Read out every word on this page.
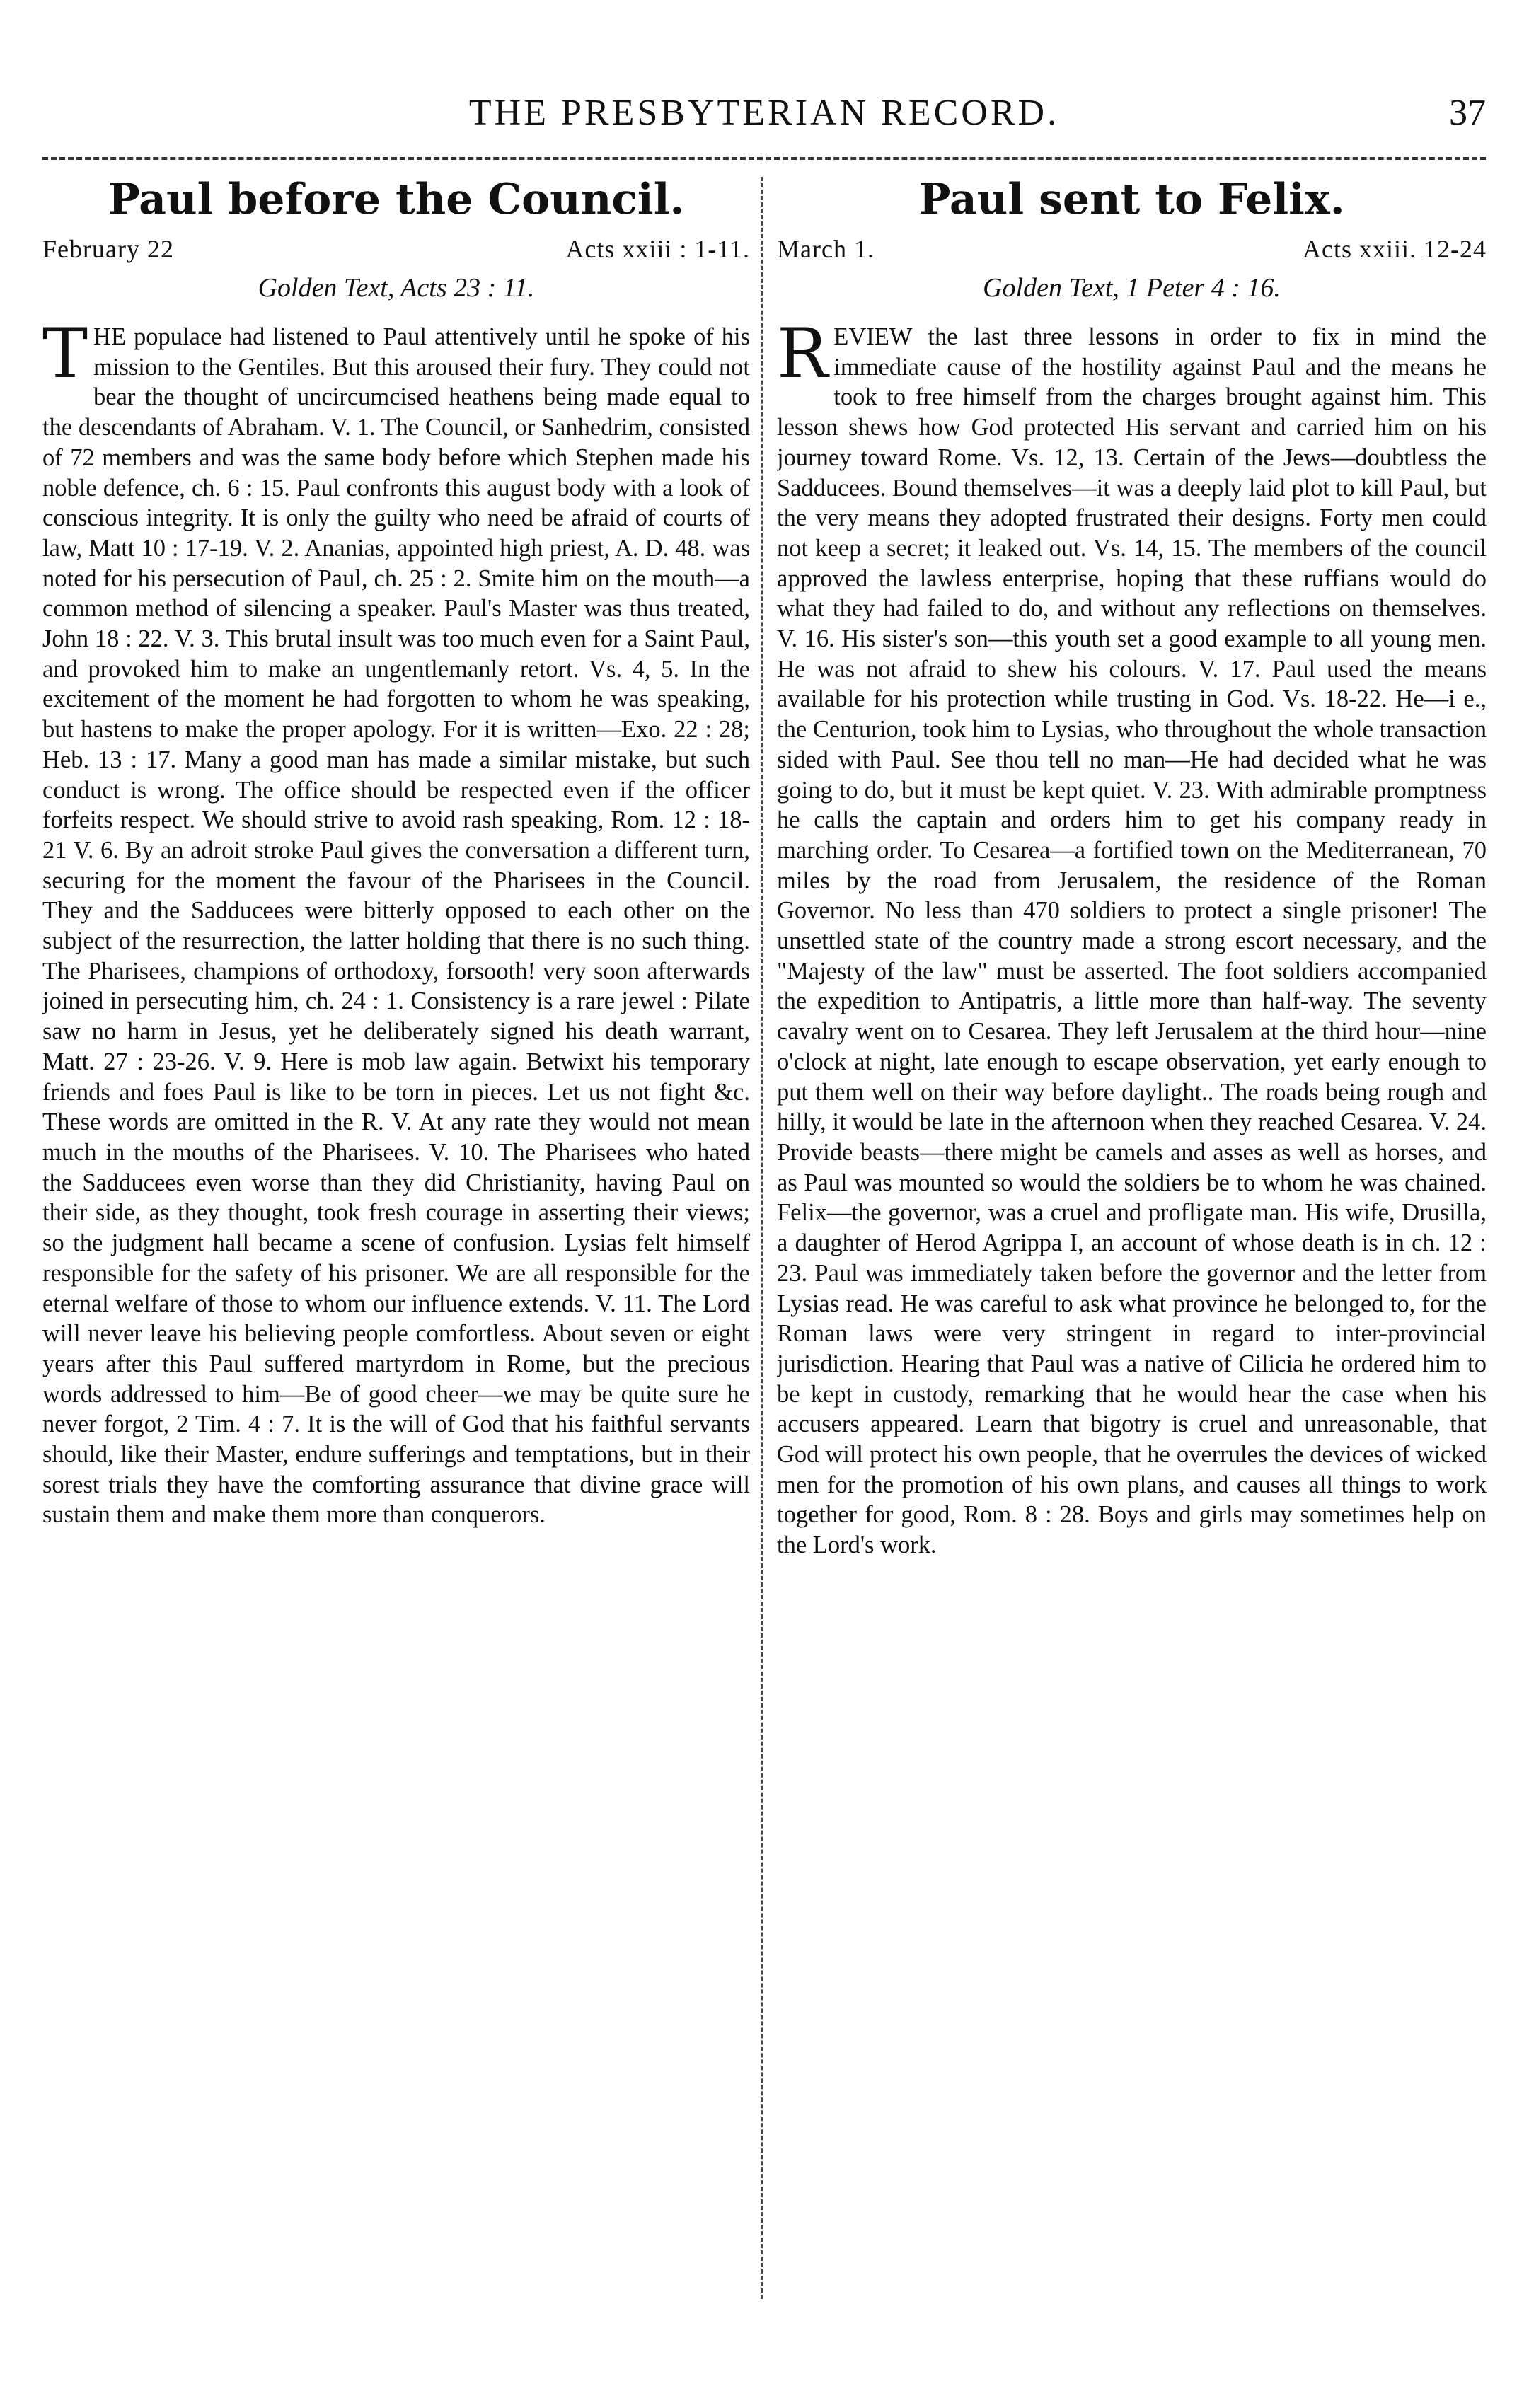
THE PRESBYTERIAN RECORD.	37
Paul before the Council.
February 22	Acts xxiii : 1-11.
Golden Text, Acts 23 : 11.

THE populace had listened to Paul attentively until he spoke of his mission to the Gentiles. But this aroused their fury. They could not bear the thought of uncircumcised heathens being made equal to the descendants of Abraham. V. 1. The Council, or Sanhedrim, consisted of 72 members and was the same body before which Stephen made his noble defence, ch. 6 : 15. Paul confronts this august body with a look of conscious integrity. It is only the guilty who need be afraid of courts of law, Matt 10 : 17-19. V. 2. Ananias, appointed high priest, A. D. 48. was noted for his persecution of Paul, ch. 25 : 2. Smite him on the mouth—a common method of silencing a speaker. Paul's Master was thus treated, John 18 : 22. V. 3. This brutal insult was too much even for a Saint Paul, and provoked him to make an ungentlemanly retort. Vs. 4, 5. In the excitement of the moment he had forgotten to whom he was speaking, but hastens to make the proper apology. For it is written—Exo. 22 : 28; Heb. 13 : 17. Many a good man has made a similar mistake, but such conduct is wrong. The office should be respected even if the officer forfeits respect. We should strive to avoid rash speaking, Rom. 12 : 18-21 V. 6. By an adroit stroke Paul gives the conversation a different turn, securing for the moment the favour of the Pharisees in the Council. They and the Sadducees were bitterly opposed to each other on the subject of the resurrection, the latter holding that there is no such thing. The Pharisees, champions of orthodoxy, forsooth! very soon afterwards joined in persecuting him, ch. 24 : 1. Consistency is a rare jewel : Pilate saw no harm in Jesus, yet he deliberately signed his death warrant, Matt. 27 : 23-26. V. 9. Here is mob law again. Betwixt his temporary friends and foes Paul is like to be torn in pieces. Let us not fight &c. These words are omitted in the R. V. At any rate they would not mean much in the mouths of the Pharisees. V. 10. The Pharisees who hated the Sadducees even worse than they did Christianity, having Paul on their side, as they thought, took fresh courage in asserting their views; so the judgment hall became a scene of confusion. Lysias felt himself responsible for the safety of his prisoner. We are all responsible for the eternal welfare of those to whom our influence extends. V. 11. The Lord will never leave his believing people comfortless. About seven or eight years after this Paul suffered martyrdom in Rome, but the precious words addressed to him—Be of good cheer—we may be quite sure he never forgot, 2 Tim. 4 : 7. It is the will of God that his faithful servants should, like their Master, endure sufferings and temptations, but in their sorest trials they have the comforting assurance that divine grace will sustain them and make them more than conquerors.

Paul sent to Felix.
March 1.	Acts xxiii. 12-24
Golden Text, 1 Peter 4 : 16.

REVIEW the last three lessons in order to fix in mind the immediate cause of the hostility against Paul and the means he took to free himself from the charges brought against him. This lesson shews how God protected His servant and carried him on his journey toward Rome. Vs. 12, 13. Certain of the Jews—doubtless the Sadducees. Bound themselves—it was a deeply laid plot to kill Paul, but the very means they adopted frustrated their designs. Forty men could not keep a secret; it leaked out. Vs. 14, 15. The members of the council approved the lawless enterprise, hoping that these ruffians would do what they had failed to do, and without any reflections on themselves. V. 16. His sister's son—this youth set a good example to all young men. He was not afraid to shew his colours. V. 17. Paul used the means available for his protection while trusting in God. Vs. 18-22. He—i e., the Centurion, took him to Lysias, who throughout the whole transaction sided with Paul. See thou tell no man—He had decided what he was going to do, but it must be kept quiet. V. 23. With admirable promptness he calls the captain and orders him to get his company ready in marching order. To Cesarea—a fortified town on the Mediterranean, 70 miles by the road from Jerusalem, the residence of the Roman Governor. No less than 470 soldiers to protect a single prisoner! The unsettled state of the country made a strong escort necessary, and the "Majesty of the law" must be asserted. The foot soldiers accompanied the expedition to Antipatris, a little more than half-way. The seventy cavalry went on to Cesarea. They left Jerusalem at the third hour—nine o'clock at night, late enough to escape observation, yet early enough to put them well on their way before daylight.. The roads being rough and hilly, it would be late in the afternoon when they reached Cesarea. V. 24. Provide beasts—there might be camels and asses as well as horses, and as Paul was mounted so would the soldiers be to whom he was chained. Felix—the governor, was a cruel and profligate man. His wife, Drusilla, a daughter of Herod Agrippa I, an account of whose death is in ch. 12 : 23. Paul was immediately taken before the governor and the letter from Lysias read. He was careful to ask what province he belonged to, for the Roman laws were very stringent in regard to inter-provincial jurisdiction. Hearing that Paul was a native of Cilicia he ordered him to be kept in custody, remarking that he would hear the case when his accusers appeared. Learn that bigotry is cruel and unreasonable, that God will protect his own people, that he overrules the devices of wicked men for the promotion of his own plans, and causes all things to work together for good, Rom. 8 : 28. Boys and girls may sometimes help on the Lord's work.
